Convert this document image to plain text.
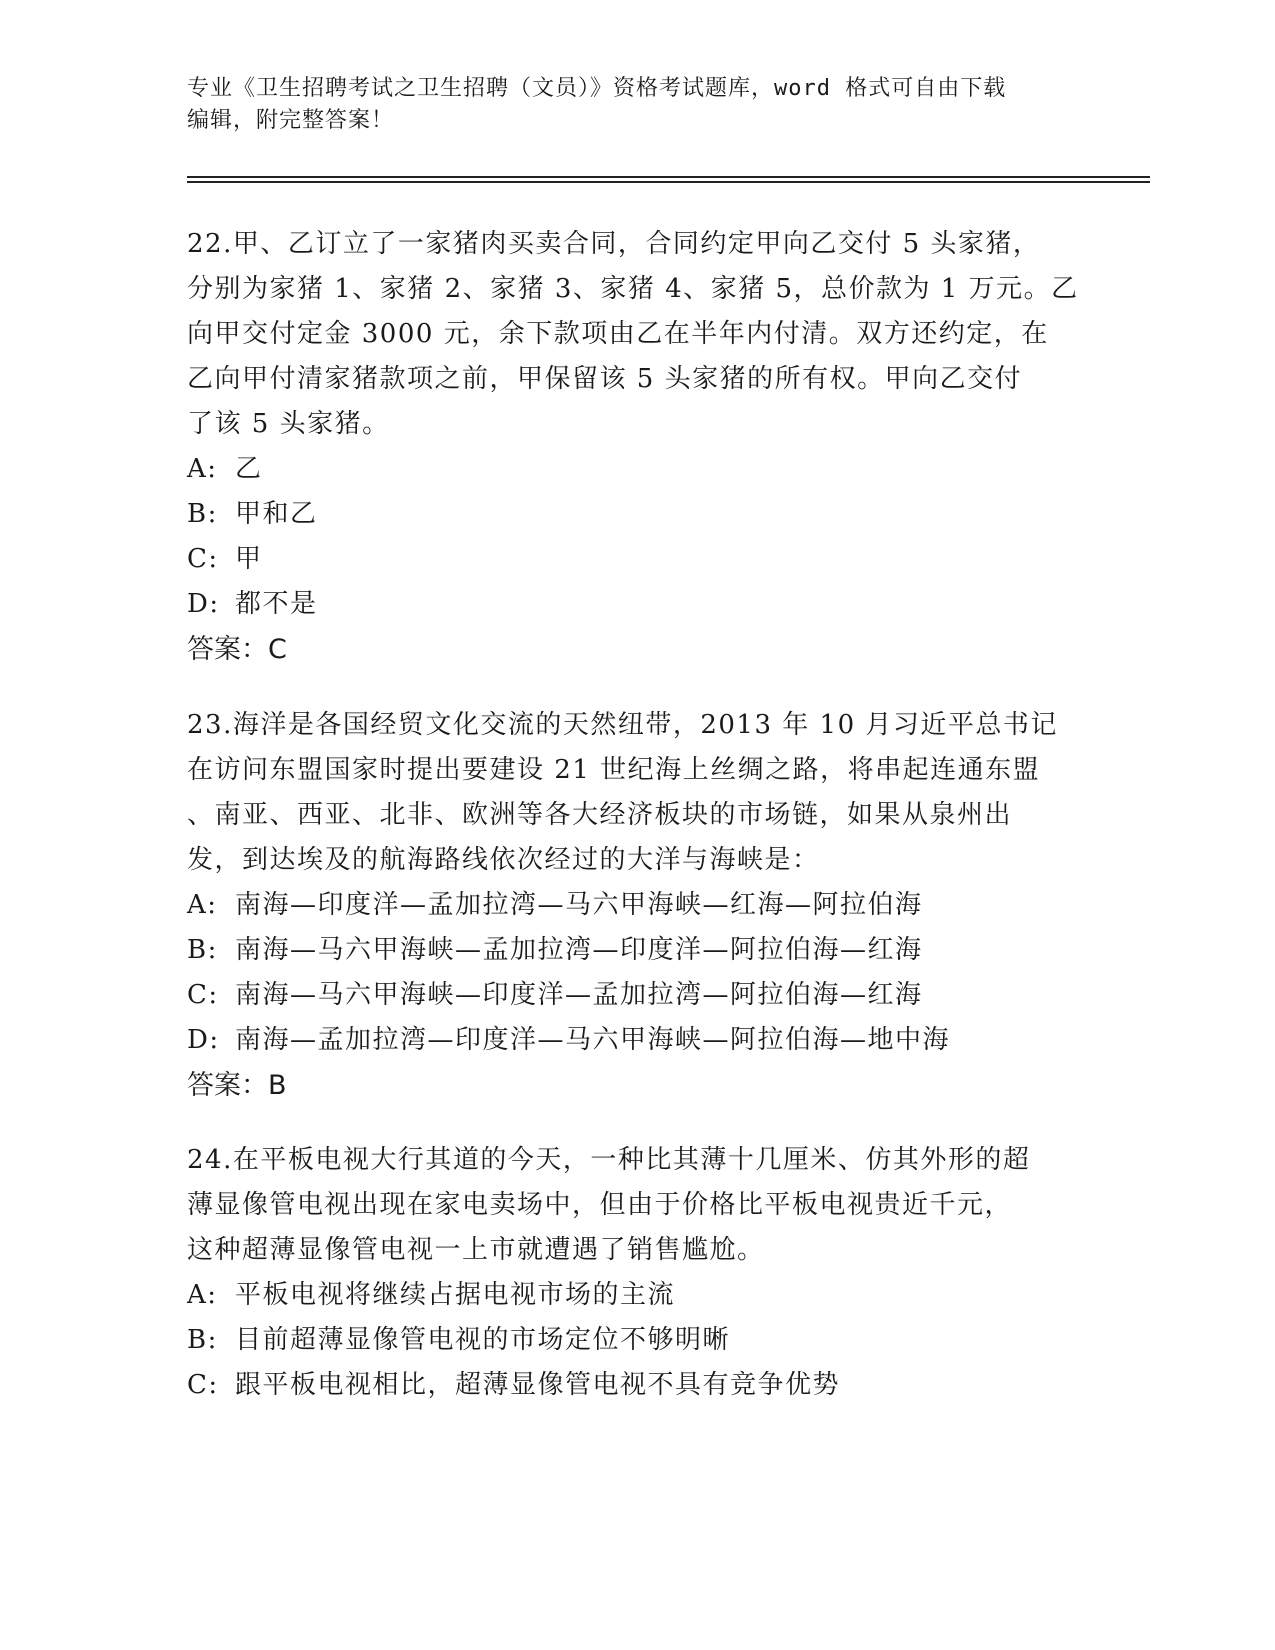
专业《卫生招聘考试之卫生招聘（文员）》资格考试题库，word 格式可自由下载
编辑，附完整答案！

22.甲、乙订立了一家猪肉买卖合同，合同约定甲向乙交付 5 头家猪，

分别为家猪 1、家猪 2、家猪 3、家猪 4、家猪 5，总价款为 1 万元。乙

向甲交付定金 3000 元，余下款项由乙在半年内付清。双方还约定，在

乙向甲付清家猪款项之前，甲保留该 5 头家猪的所有权。甲向乙交付

了该 5 头家猪。

A: 乙

B: 甲和乙

C: 甲

D: 都不是

答案：C

23.海洋是各国经贸文化交流的天然纽带，2013 年 10 月习近平总书记

在访问东盟国家时提出要建设 21 世纪海上丝绸之路，将串起连通东盟

、南亚、西亚、北非、欧洲等各大经济板块的市场链，如果从泉州出

发，到达埃及的航海路线依次经过的大洋与海峡是：

A: 南海—印度洋—孟加拉湾—马六甲海峡—红海—阿拉伯海

B: 南海—马六甲海峡—孟加拉湾—印度洋—阿拉伯海—红海

C: 南海—马六甲海峡—印度洋—孟加拉湾—阿拉伯海—红海

D: 南海—孟加拉湾—印度洋—马六甲海峡—阿拉伯海—地中海

答案：B

24.在平板电视大行其道的今天，一种比其薄十几厘米、仿其外形的超

薄显像管电视出现在家电卖场中，但由于价格比平板电视贵近千元，

这种超薄显像管电视一上市就遭遇了销售尴尬。

A: 平板电视将继续占据电视市场的主流

B: 目前超薄显像管电视的市场定位不够明晰

C: 跟平板电视相比，超薄显像管电视不具有竞争优势
